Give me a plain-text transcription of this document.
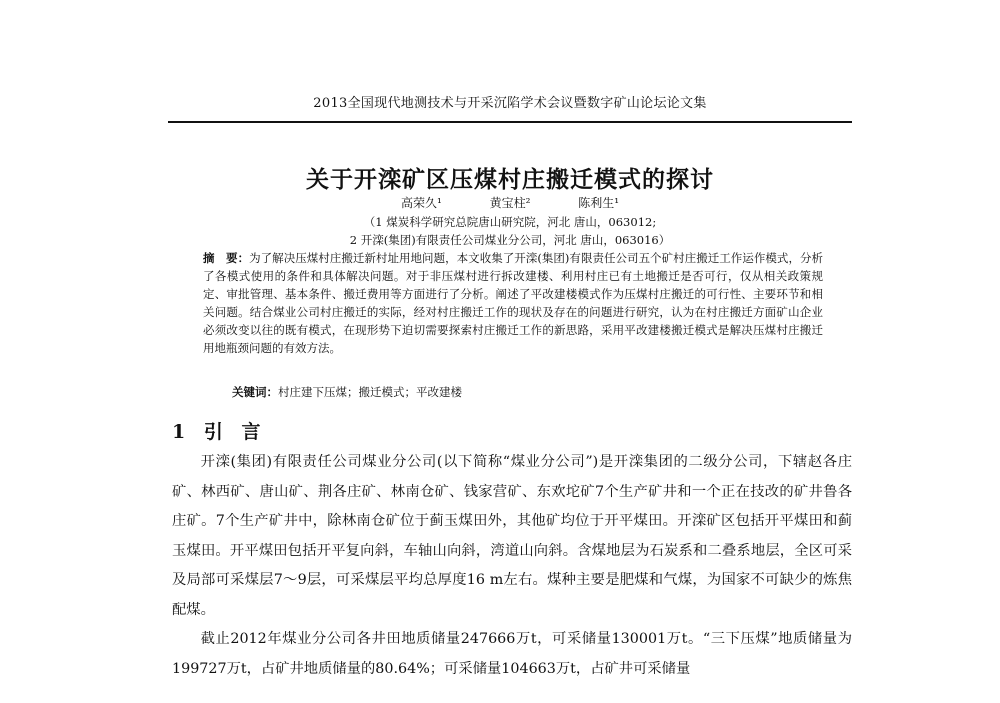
2013全国现代地测技术与开采沉陷学术会议暨数字矿山论坛论文集
关于开滦矿区压煤村庄搬迁模式的探讨
高荣久¹	黄宝柱²	陈利生¹
（1 煤炭科学研究总院唐山研究院，河北 唐山，063012;
2 开滦(集团)有限责任公司煤业分公司，河北 唐山，063016）
摘　要：为了解决压煤村庄搬迁新村址用地问题，本文收集了开滦(集团)有限责任公司五个矿村庄搬迁工作运作模式，分析了各模式使用的条件和具体解决问题。对于非压煤村进行拆改建楼、利用村庄已有土地搬迁是否可行，仅从相关政策规定、审批管理、基本条件、搬迁费用等方面进行了分析。阐述了平改建楼模式作为压煤村庄搬迁的可行性、主要环节和相关问题。结合煤业公司村庄搬迁的实际，经对村庄搬迁工作的现状及存在的问题进行研究，认为在村庄搬迁方面矿山企业必须改变以往的既有模式，在现形势下迫切需要探索村庄搬迁工作的新思路，采用平改建楼搬迁模式是解决压煤村庄搬迁用地瓶颈问题的有效方法。
关键词：村庄建下压煤；搬迁模式；平改建楼
1 引 言

开滦(集团)有限责任公司煤业分公司(以下简称“煤业分公司”)是开滦集团的二级分公司，下辖赵各庄矿、林西矿、唐山矿、荆各庄矿、林南仓矿、钱家营矿、东欢坨矿7个生产矿井和一个正在技改的矿井鲁各庄矿。7个生产矿井中，除林南仓矿位于蓟玉煤田外，其他矿均位于开平煤田。开滦矿区包括开平煤田和蓟玉煤田。开平煤田包括开平复向斜，车轴山向斜，湾道山向斜。含煤地层为石炭系和二叠系地层，全区可采及局部可采煤层7～9层，可采煤层平均总厚度16 m左右。煤种主要是肥煤和气煤，为国家不可缺少的炼焦配煤。

截止2012年煤业分公司各井田地质储量247666万t，可采储量130001万t。“三下压煤”地质储量为199727万t，占矿井地质储量的80.64%；可采储量104663万t，占矿井可采储量
